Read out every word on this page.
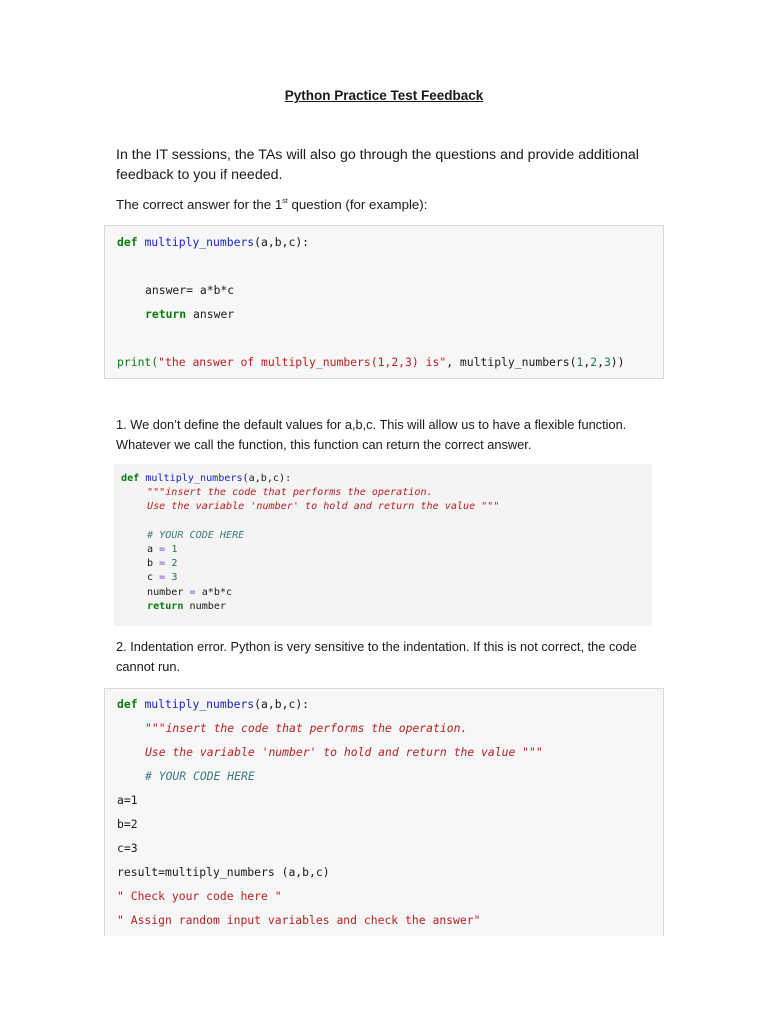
Python Practice Test Feedback

In the IT sessions, the TAs will also go through the questions and provide additional feedback to you if needed.

The correct answer for the 1st question (for example):

def multiply_numbers(a,b,c):

answer= a*b*c

return answer

print("the answer of multiply_numbers(1,2,3) is", multiply_numbers(1,2,3))

1. We don’t define the default values for a,b,c. This will allow us to have a flexible function. Whatever we call the function, this function can return the correct answer.

def multiply_numbers(a,b,c):

"""insert the code that performs the operation.

Use the variable 'number' to hold and return the value """

# YOUR CODE HERE

a = 1

b = 2

c = 3

number = a*b*c

return number

2. Indentation error. Python is very sensitive to the indentation. If this is not correct, the code cannot run.

def multiply_numbers(a,b,c):

"""insert the code that performs the operation.

Use the variable 'number' to hold and return the value """

# YOUR CODE HERE

a=1

b=2

c=3

result=multiply_numbers (a,b,c)

" Check your code here "

" Assign random input variables and check the answer"
